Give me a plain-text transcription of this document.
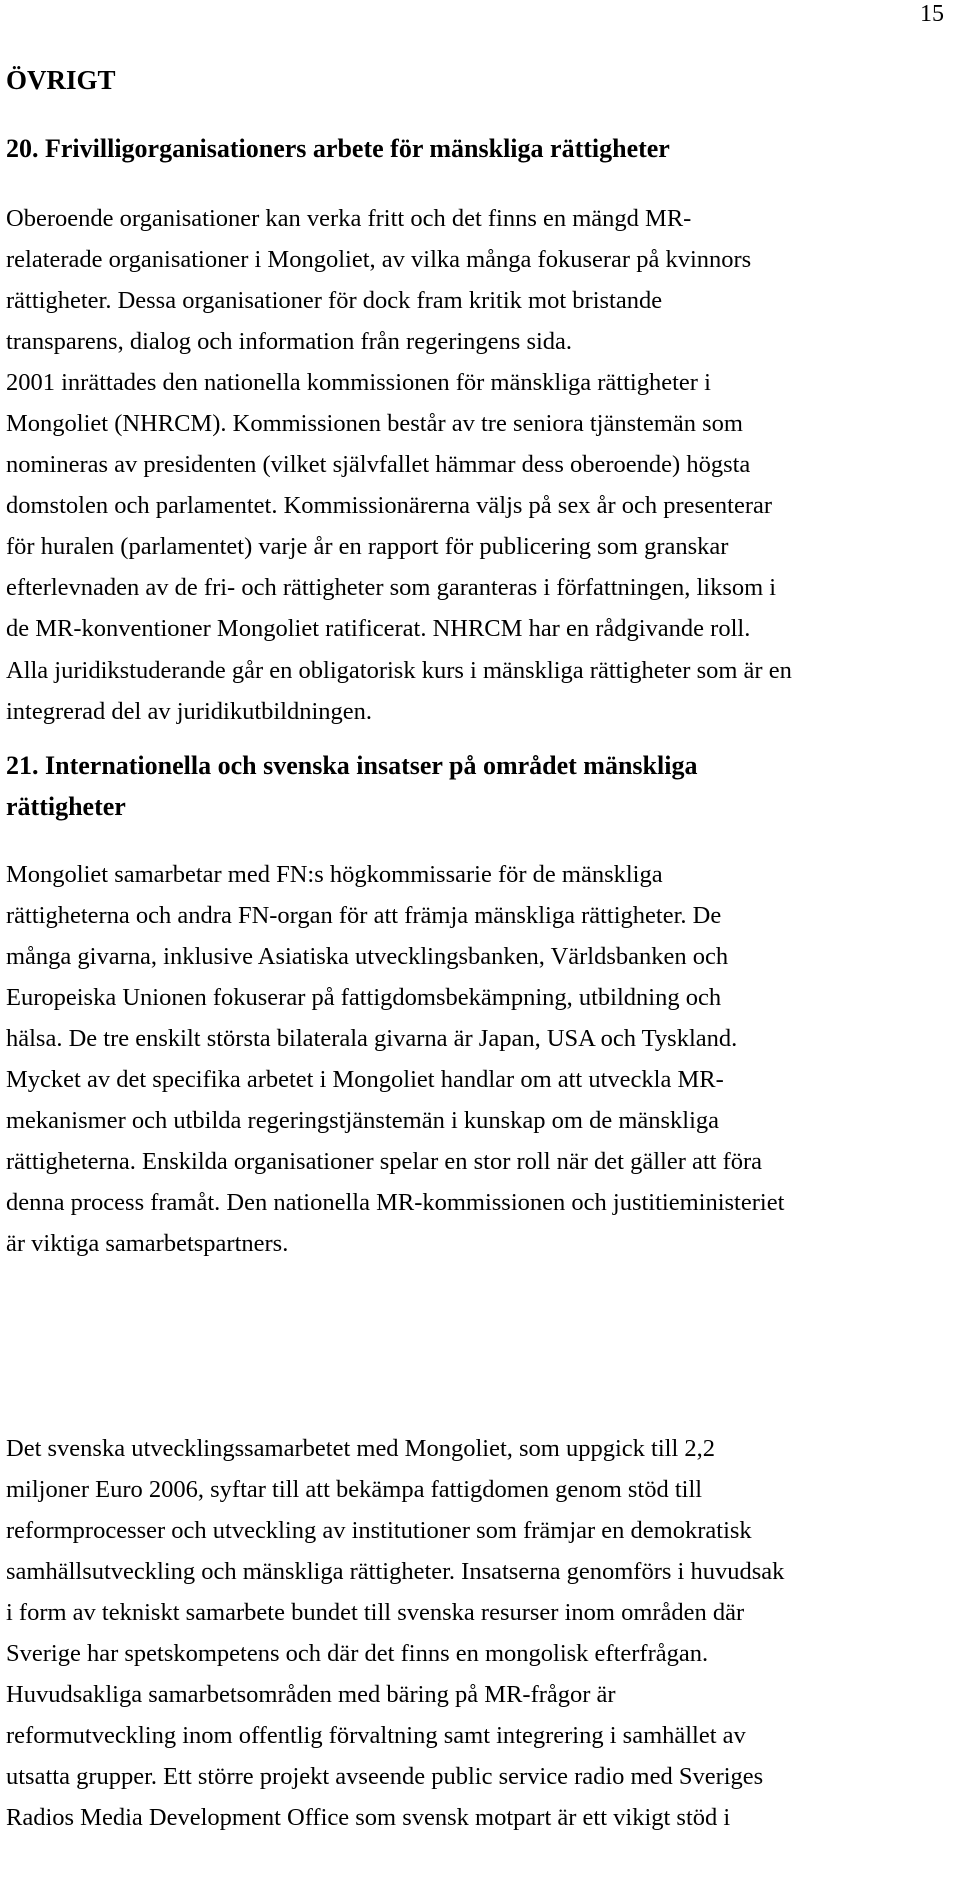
15
ÖVRIGT
20. Frivilligorganisationers arbete för mänskliga rättigheter
Oberoende organisationer kan verka fritt och det finns en mängd MR-
relaterade organisationer i Mongoliet, av vilka många fokuserar på kvinnors
rättigheter. Dessa organisationer för dock fram kritik mot bristande
transparens, dialog och information från regeringens sida.
2001 inrättades den nationella kommissionen för mänskliga rättigheter i
Mongoliet (NHRCM). Kommissionen består av tre seniora tjänstemän som
nomineras av presidenten (vilket självfallet hämmar dess oberoende) högsta
domstolen och parlamentet. Kommissionärerna väljs på sex år och presenterar
för huralen (parlamentet) varje år en rapport för publicering som granskar
efterlevnaden av de fri- och rättigheter som garanteras i författningen, liksom i
de MR-konventioner Mongoliet ratificerat. NHRCM har en rådgivande roll.
Alla juridikstuderande går en obligatorisk kurs i mänskliga rättigheter som är en
integrerad del av juridikutbildningen.
21. Internationella och svenska insatser på området mänskliga
rättigheter
Mongoliet samarbetar med FN:s högkommissarie för de mänskliga
rättigheterna och andra FN-organ för att främja mänskliga rättigheter. De
många givarna, inklusive Asiatiska utvecklingsbanken, Världsbanken och
Europeiska Unionen fokuserar på fattigdomsbekämpning, utbildning och
hälsa. De tre enskilt största bilaterala givarna är Japan, USA och Tyskland.
Mycket av det specifika arbetet i Mongoliet handlar om att utveckla MR-
mekanismer och utbilda regeringstjänstemän i kunskap om de mänskliga
rättigheterna. Enskilda organisationer spelar en stor roll när det gäller att föra
denna process framåt. Den nationella MR-kommissionen och justitieministeriet
är viktiga samarbetspartners.
Det svenska utvecklingssamarbetet med Mongoliet, som uppgick till 2,2
miljoner Euro 2006, syftar till att bekämpa fattigdomen genom stöd till
reformprocesser och utveckling av institutioner som främjar en demokratisk
samhällsutveckling och mänskliga rättigheter. Insatserna genomförs i huvudsak
i form av tekniskt samarbete bundet till svenska resurser inom områden där
Sverige har spetskompetens och där det finns en mongolisk efterfrågan.
Huvudsakliga samarbetsområden med bäring på MR-frågor är
reformutveckling inom offentlig förvaltning samt integrering i samhället av
utsatta grupper. Ett större projekt avseende public service radio med Sveriges
Radios Media Development Office som svensk motpart är ett vikigt stöd i
